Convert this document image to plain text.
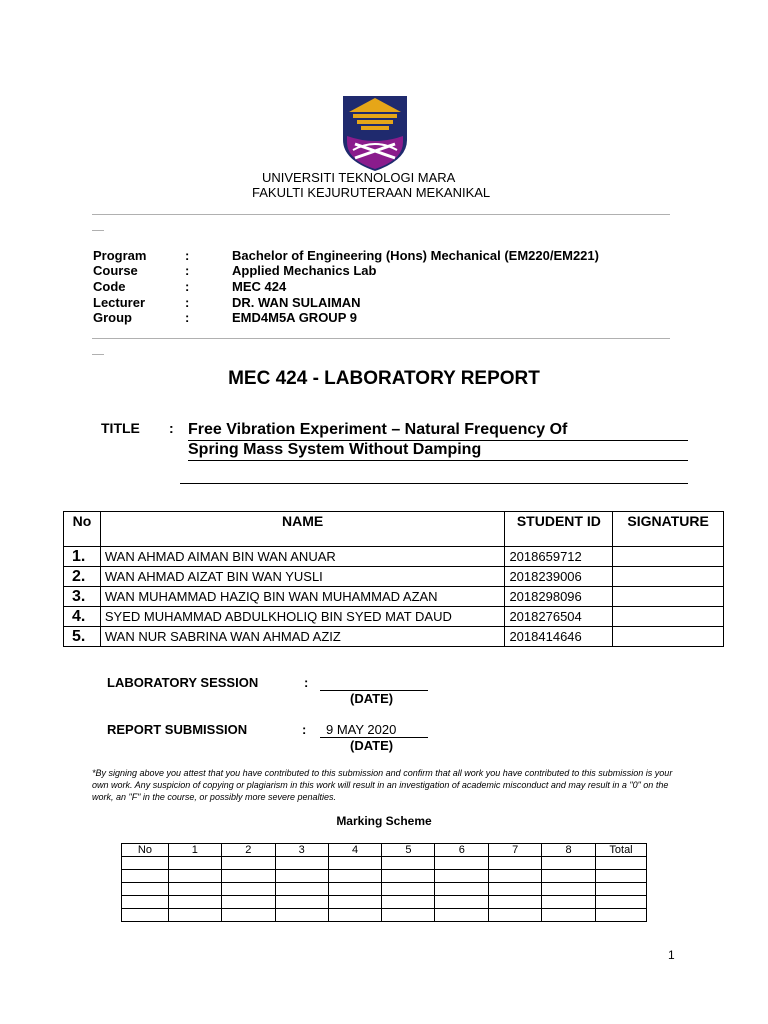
UNIVERSITI TEKNOLOGI MARA
FAKULTI KEJURUTERAAN MEKANIKAL
Program	:	Bachelor of Engineering (Hons) Mechanical (EM220/EM221)
Course	:	Applied Mechanics Lab
Code	:	MEC 424
Lecturer	:	DR. WAN SULAIMAN
Group	:	EMD4M5A GROUP 9
MEC 424 - LABORATORY REPORT
TITLE : Free Vibration Experiment – Natural Frequency Of
Spring Mass System Without Damping
No	NAME	STUDENT ID	SIGNATURE
1.	WAN AHMAD AIMAN BIN WAN ANUAR	2018659712	
2.	WAN AHMAD AIZAT BIN WAN YUSLI	2018239006	
3.	WAN MUHAMMAD HAZIQ BIN WAN MUHAMMAD AZAN	2018298096	
4.	SYED MUHAMMAD ABDULKHOLIQ BIN SYED MAT DAUD	2018276504	
5.	WAN NUR SABRINA WAN AHMAD AZIZ	2018414646	
LABORATORY SESSION	:
(DATE)
REPORT SUBMISSION	:	9 MAY 2020
(DATE)
*By signing above you attest that you have contributed to this submission and confirm that all work you have contributed to this submission is your own work. Any suspicion of copying or plagiarism in this work will result in an investigation of academic misconduct and may result in a "0" on the work, an "F" in the course, or possibly more severe penalties.
Marking Scheme
No	1	2	3	4	5	6	7	8	Total

1
